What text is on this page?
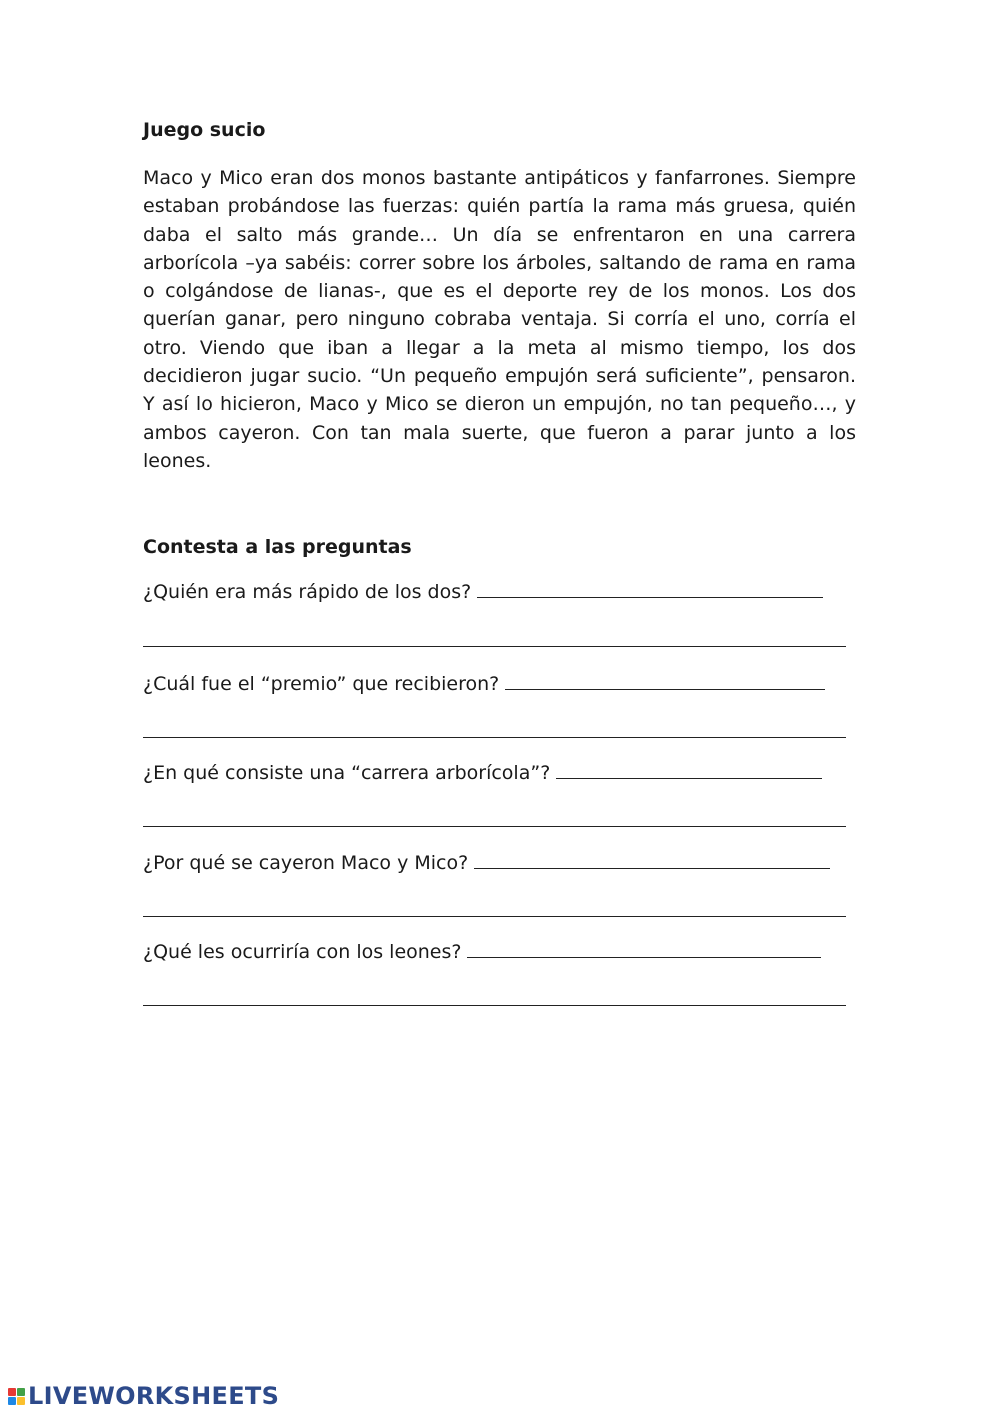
Juego sucio

Maco y Mico eran dos monos bastante antipáticos y fanfarrones. Siempre estaban probándose las fuerzas: quién partía la rama más gruesa, quién daba el salto más grande… Un día se enfrentaron en una carrera arborícola –ya sabéis: correr sobre los árboles, saltando de rama en rama o colgándose de lianas-, que es el deporte rey de los monos. Los dos querían ganar, pero ninguno cobraba ventaja. Si corría el uno, corría el otro. Viendo que iban a llegar a la meta al mismo tiempo, los dos decidieron jugar sucio. “Un pequeño empujón será suficiente”, pensaron. Y así lo hicieron, Maco y Mico se dieron un empujón, no tan pequeño…, y ambos cayeron. Con tan mala suerte, que fueron a parar junto a los leones.

Contesta a las preguntas
¿Quién era más rápido de los dos?
¿Cuál fue el “premio” que recibieron?
¿En qué consiste una “carrera arborícola”?
¿Por qué se cayeron Maco y Mico?
¿Qué les ocurriría con los leones?
LIVEWORKSHEETS
